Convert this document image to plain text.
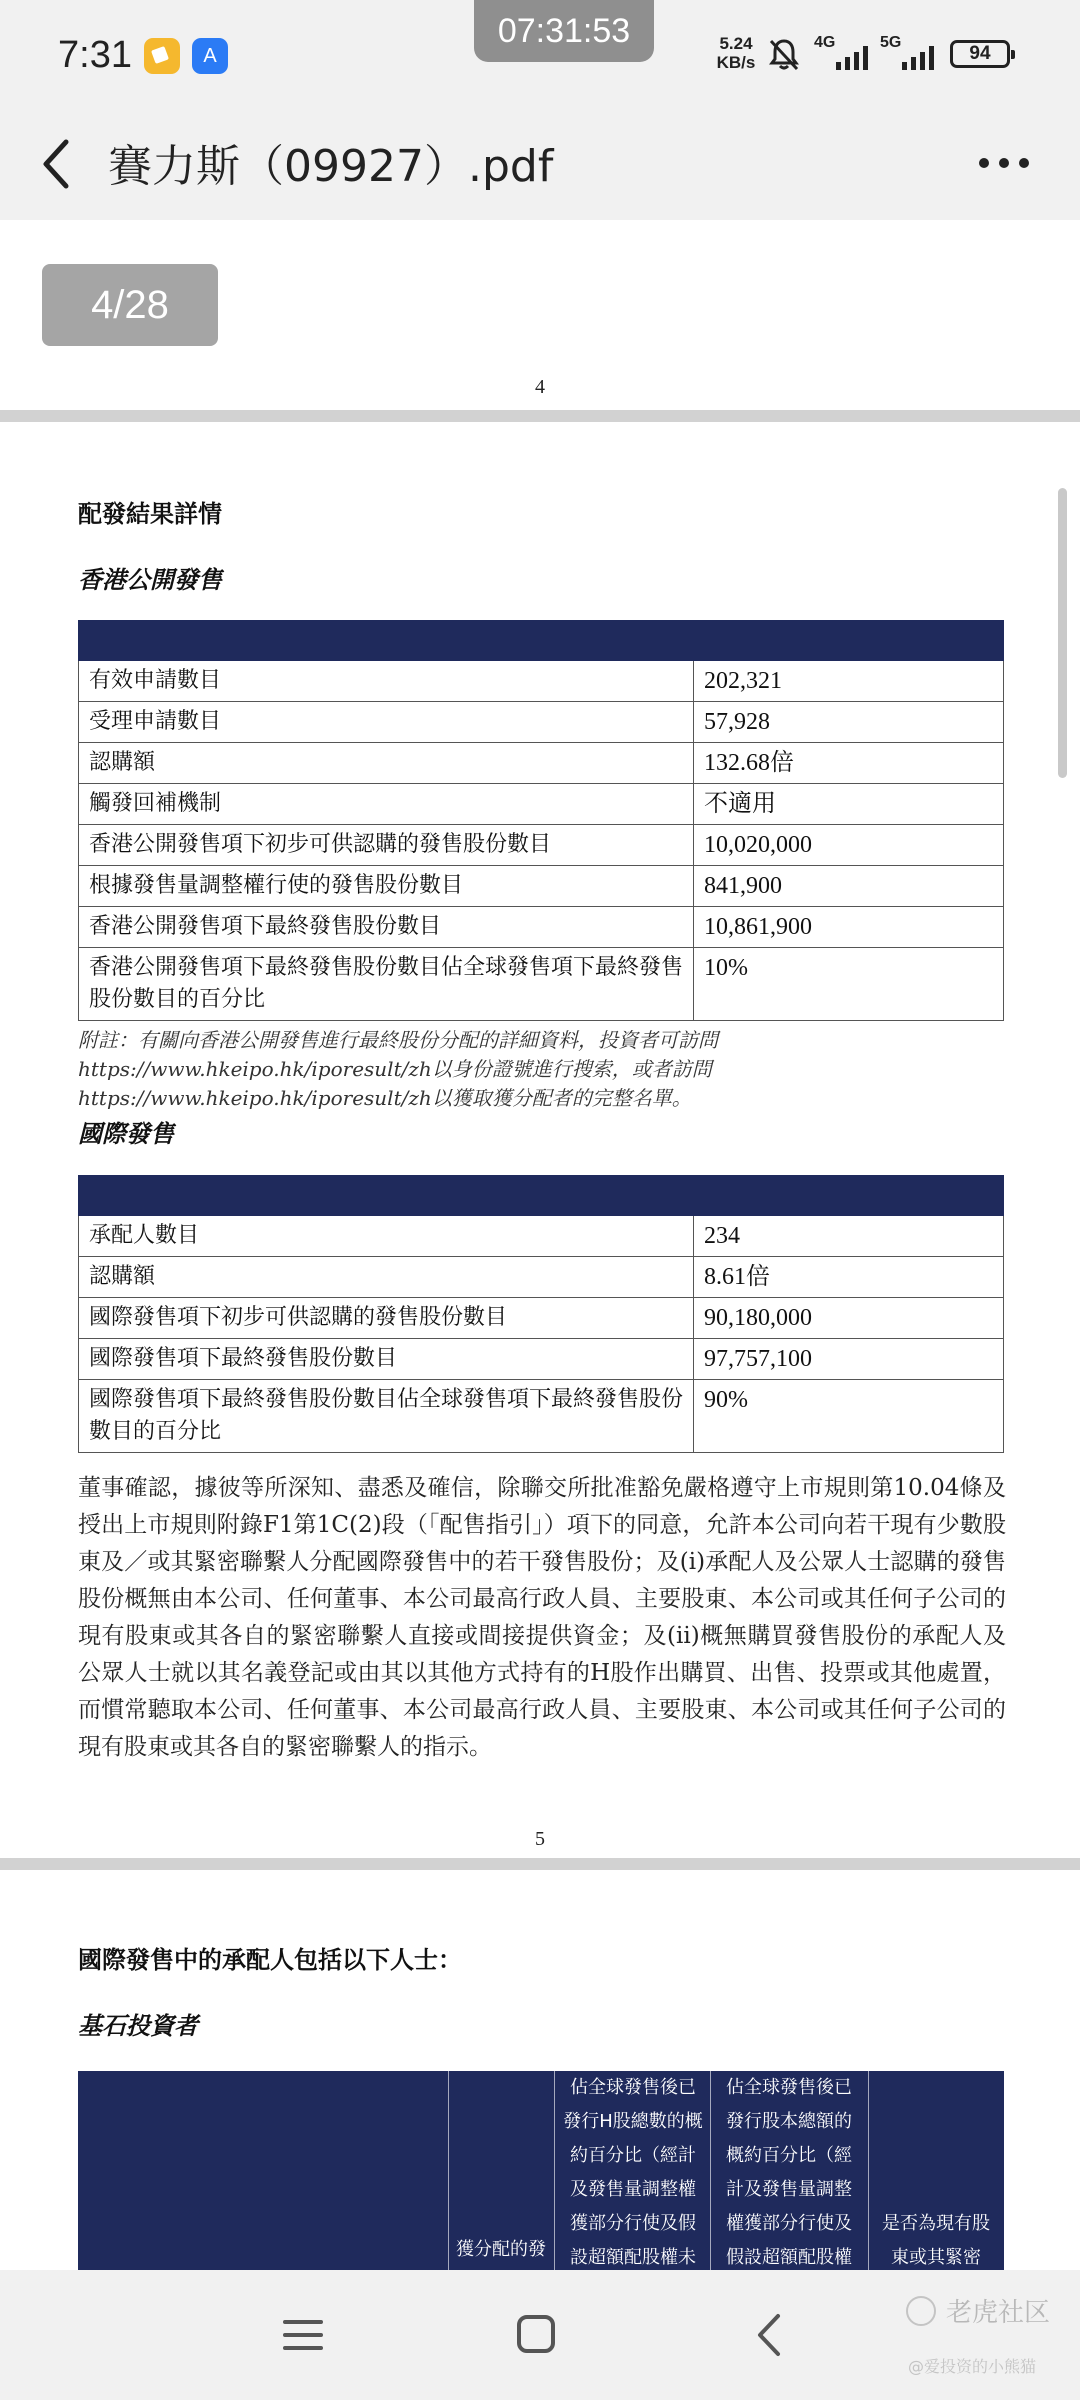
7:31	A
07:31:53	5.24
KB/s
4G	5G
94
賽力斯（09927）.pdf
4/28
4
配發結果詳情
香港公開發售

有效申請數目	202,321
受理申請數目	57,928
認購額	132.68倍
觸發回補機制	不適用
香港公開發售項下初步可供認購的發售股份數目	10,020,000
根據發售量調整權行使的發售股份數目	841,900
香港公開發售項下最終發售股份數目	10,861,900
香港公開發售項下最終發售股份數目佔全球發售項下最終發售股份數目的百分比	10%
附註：有關向香港公開發售進行最終股份分配的詳細資料，投資者可訪問https://www.hkeipo.hk/iporesult/zh以身份證號進行搜索，或者訪問https://www.hkeipo.hk/iporesult/zh以獲取獲分配者的完整名單。
國際發售

承配人數目	234
認購額	8.61倍
國際發售項下初步可供認購的發售股份數目	90,180,000
國際發售項下最終發售股份數目	97,757,100
國際發售項下最終發售股份數目佔全球發售項下最終發售股份數目的百分比	90%
董事確認，據彼等所深知、盡悉及確信，除聯交所批准豁免嚴格遵守上市規則第10.04條及授出上市規則附錄F1第1C(2)段（「配售指引」）項下的同意，允許本公司向若干現有少數股東及／或其緊密聯繫人分配國際發售中的若干發售股份；及(i)承配人及公眾人士認購的發售股份概無由本公司、任何董事、本公司最高行政人員、主要股東、本公司或其任何子公司的現有股東或其各自的緊密聯繫人直接或間接提供資金；及(ii)概無購買發售股份的承配人及公眾人士就以其名義登記或由其以其他方式持有的H股作出購買、出售、投票或其他處置，而慣常聽取本公司、任何董事、本公司最高行政人員、主要股東、本公司或其任何子公司的現有股東或其各自的緊密聯繫人的指示。
5
國際發售中的承配人包括以下人士：
基石投資者
獲分配的發
佔全球發售後已發行H股總數的概約百分比（經計及發售量調整權獲部分行使及假設超額配股權未
佔全球發售後已發行股本總額的概約百分比（經計及發售量調整權獲部分行使及假設超額配股權
是否為現有股東或其緊密
老虎社区
@爱投资的小熊猫
